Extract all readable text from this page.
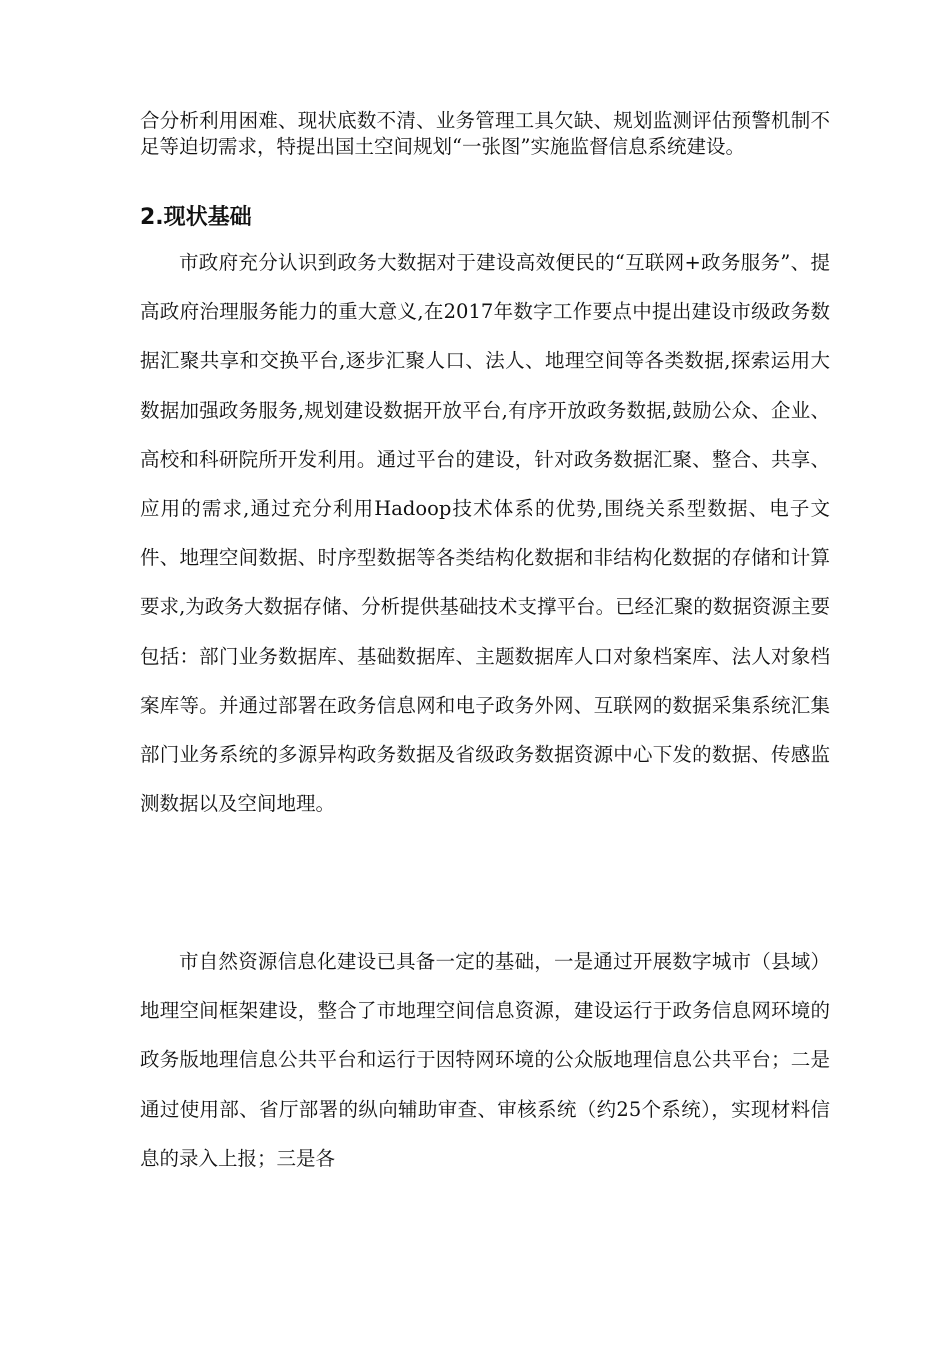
合分析利用困难、现状底数不清、业务管理工具欠缺、规划监测评估预警机制不足等迫切需求，特提出国土空间规划“一张图”实施监督信息系统建设。

2.现状基础

市政府充分认识到政务大数据对于建设高效便民的“互联网+政务服务”、提高政府治理服务能力的重大意义,在2017年数字工作要点中提出建设市级政务数据汇聚共享和交换平台,逐步汇聚人口、法人、地理空间等各类数据,探索运用大数据加强政务服务,规划建设数据开放平台,有序开放政务数据,鼓励公众、企业、高校和科研院所开发利用。通过平台的建设，针对政务数据汇聚、整合、共享、应用的需求,通过充分利用Hadoop技术体系的优势,围绕关系型数据、电子文件、地理空间数据、时序型数据等各类结构化数据和非结构化数据的存储和计算要求,为政务大数据存储、分析提供基础技术支撑平台。已经汇聚的数据资源主要包括：部门业务数据库、基础数据库、主题数据库人口对象档案库、法人对象档案库等。并通过部署在政务信息网和电子政务外网、互联网的数据采集系统汇集部门业务系统的多源异构政务数据及省级政务数据资源中心下发的数据、传感监测数据以及空间地理。

市自然资源信息化建设已具备一定的基础，一是通过开展数字城市（县域）地理空间框架建设，整合了市地理空间信息资源，建设运行于政务信息网环境的政务版地理信息公共平台和运行于因特网环境的公众版地理信息公共平台；二是通过使用部、省厅部署的纵向辅助审查、审核系统（约25个系统），实现材料信息的录入上报；三是各
